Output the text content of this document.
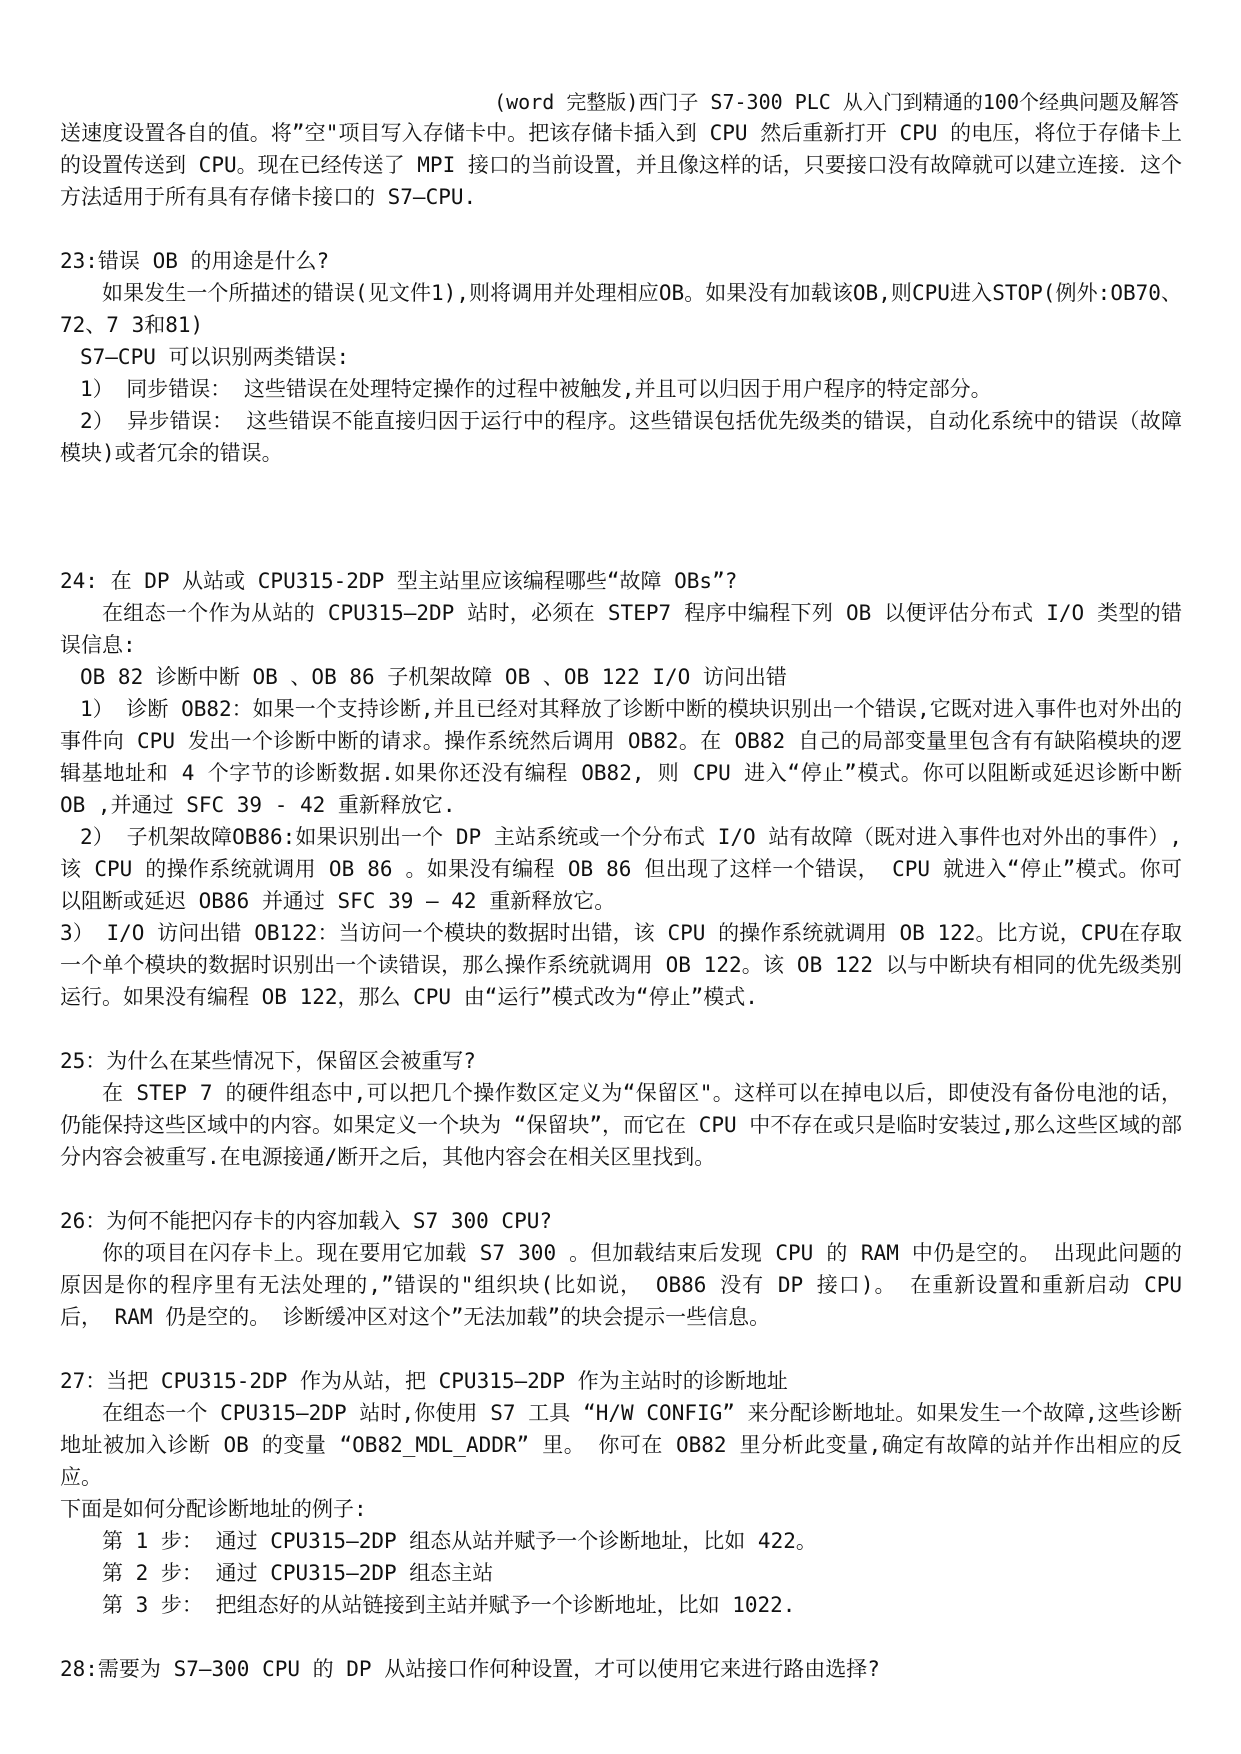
(word 完整版)西门子 S7-300 PLC 从入门到精通的100个经典问题及解答

送速度设置各自的值。将”空"项目写入存储卡中。把该存储卡插入到 CPU 然后重新打开 CPU 的电压，将位于存储卡上的设置传送到 CPU。现在已经传送了 MPI 接口的当前设置，并且像这样的话，只要接口没有故障就可以建立连接．这个方法适用于所有具有存储卡接口的 S7—CPU.

23:错误 OB 的用途是什么?

如果发生一个所描述的错误(见文件1),则将调用并处理相应OB。如果没有加载该OB,则CPU进入STOP(例外:OB70、72、7 3和81)

S7—CPU 可以识别两类错误:

1） 同步错误： 这些错误在处理特定操作的过程中被触发,并且可以归因于用户程序的特定部分。

2） 异步错误： 这些错误不能直接归因于运行中的程序。这些错误包括优先级类的错误，自动化系统中的错误（故障模块)或者冗余的错误。

24: 在 DP 从站或 CPU315-2DP 型主站里应该编程哪些“故障 OBs”?

在组态一个作为从站的 CPU315—2DP 站时，必须在 STEP7 程序中编程下列 OB 以便评估分布式 I/O 类型的错误信息:

OB 82 诊断中断 OB 、OB 86 子机架故障 OB 、OB 122 I/O 访问出错

1） 诊断 OB82：如果一个支持诊断,并且已经对其释放了诊断中断的模块识别出一个错误,它既对进入事件也对外出的事件向 CPU 发出一个诊断中断的请求。操作系统然后调用 OB82。在 OB82 自己的局部变量里包含有有缺陷模块的逻辑基地址和 4 个字节的诊断数据.如果你还没有编程 OB82, 则 CPU 进入“停止”模式。你可以阻断或延迟诊断中断 OB ,并通过 SFC 39 - 42 重新释放它.

2） 子机架故障OB86:如果识别出一个 DP 主站系统或一个分布式 I/O 站有故障（既对进入事件也对外出的事件）,该 CPU 的操作系统就调用 OB 86 。如果没有编程 OB 86 但出现了这样一个错误， CPU 就进入“停止”模式。你可以阻断或延迟 OB86 并通过 SFC 39 — 42 重新释放它。

3） I/O 访问出错 OB122：当访问一个模块的数据时出错，该 CPU 的操作系统就调用 OB 122。比方说，CPU在存取一个单个模块的数据时识别出一个读错误，那么操作系统就调用 OB 122。该 OB 122 以与中断块有相同的优先级类别运行。如果没有编程 OB 122，那么 CPU 由“运行”模式改为“停止”模式.

25：为什么在某些情况下，保留区会被重写?

在 STEP 7 的硬件组态中,可以把几个操作数区定义为“保留区"。这样可以在掉电以后，即使没有备份电池的话，仍能保持这些区域中的内容。如果定义一个块为 “保留块”，而它在 CPU 中不存在或只是临时安装过,那么这些区域的部分内容会被重写.在电源接通/断开之后，其他内容会在相关区里找到。

26：为何不能把闪存卡的内容加载入 S7 300 CPU?

你的项目在闪存卡上。现在要用它加载 S7 300 。但加载结束后发现 CPU 的 RAM 中仍是空的。 出现此问题的原因是你的程序里有无法处理的,”错误的"组织块(比如说， OB86 没有 DP 接口)。 在重新设置和重新启动 CPU 后， RAM 仍是空的。 诊断缓冲区对这个”无法加载”的块会提示一些信息。

27：当把 CPU315-2DP 作为从站，把 CPU315—2DP 作为主站时的诊断地址

在组态一个 CPU315—2DP 站时,你使用 S7 工具 “H/W CONFIG” 来分配诊断地址。如果发生一个故障,这些诊断地址被加入诊断 OB 的变量 “OB82_MDL_ADDR” 里。 你可在 OB82 里分析此变量,确定有故障的站并作出相应的反应。

下面是如何分配诊断地址的例子:

第 1 步： 通过 CPU315—2DP 组态从站并赋予一个诊断地址，比如 422。

第 2 步： 通过 CPU315—2DP 组态主站

第 3 步： 把组态好的从站链接到主站并赋予一个诊断地址，比如 1022.

28:需要为 S7—300 CPU 的 DP 从站接口作何种设置，才可以使用它来进行路由选择?
